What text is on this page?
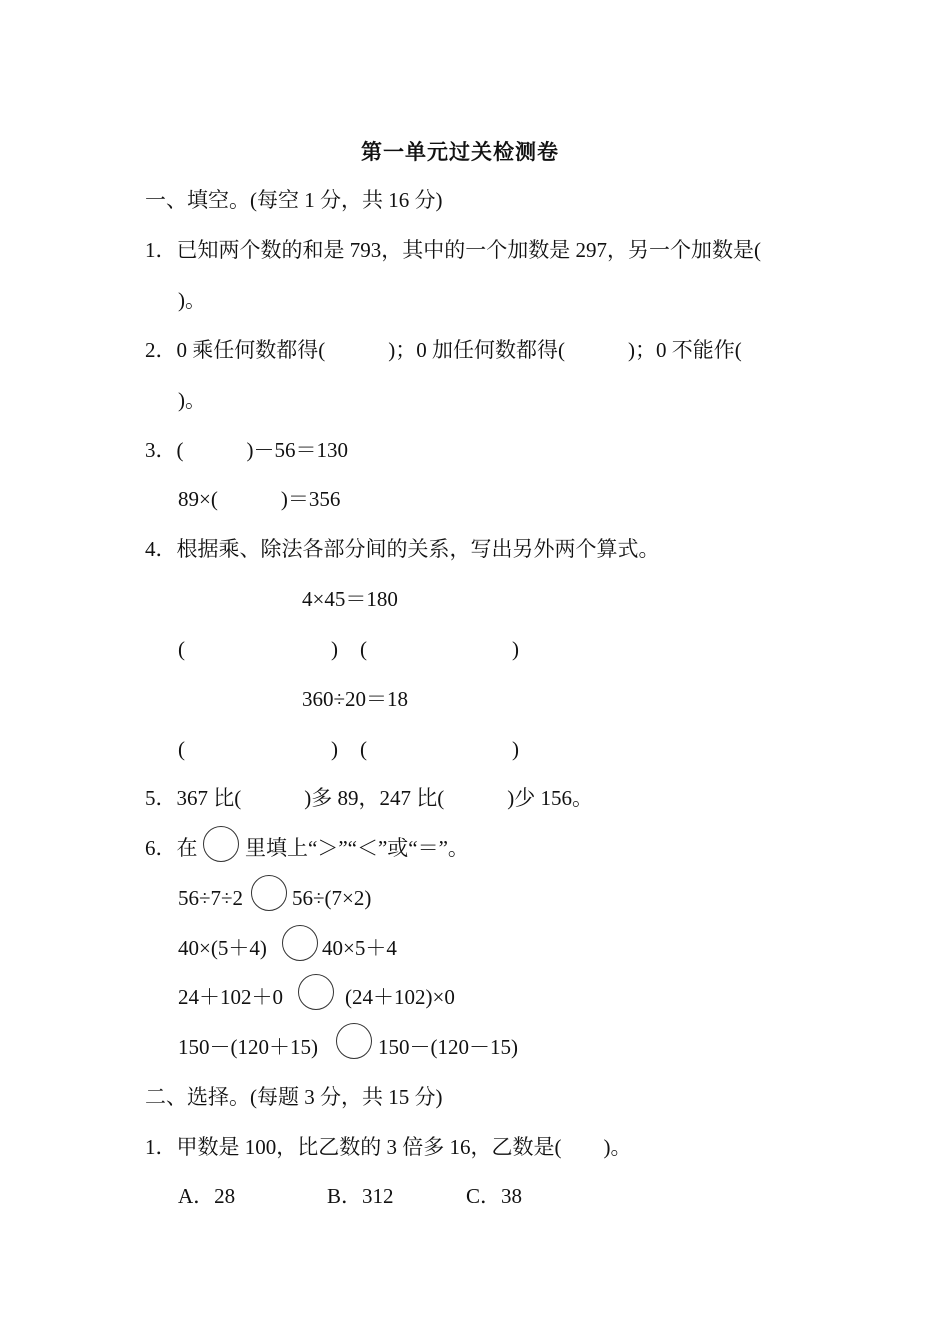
第一单元过关检测卷
一、填空。(每空 1 分，共 16 分)
1．已知两个数的和是 793，其中的一个加数是 297，另一个加数是(
)。
2．0 乘任何数都得(            )；0 加任何数都得(            )；0 不能作(
)。
3．(            )－56＝130
89×(            )＝356
4．根据乘、除法各部分间的关系，写出另外两个算式。
4×45＝180
(	) (	)
360÷20＝18
(	) (	)
5．367 比(            )多 89，247 比(            )少 156。
6．在 里填上“＞”“＜”或“＝”。
56÷7÷2 56÷(7×2)
40×(5＋4)	40×5＋4
24＋102＋0	(24＋102)×0
150－(120＋15)	150－(120－15)
二、选择。(每题 3 分，共 15 分)
1．甲数是 100，比乙数的 3 倍多 16，乙数是(        )。
A．28	B．312	C．38
